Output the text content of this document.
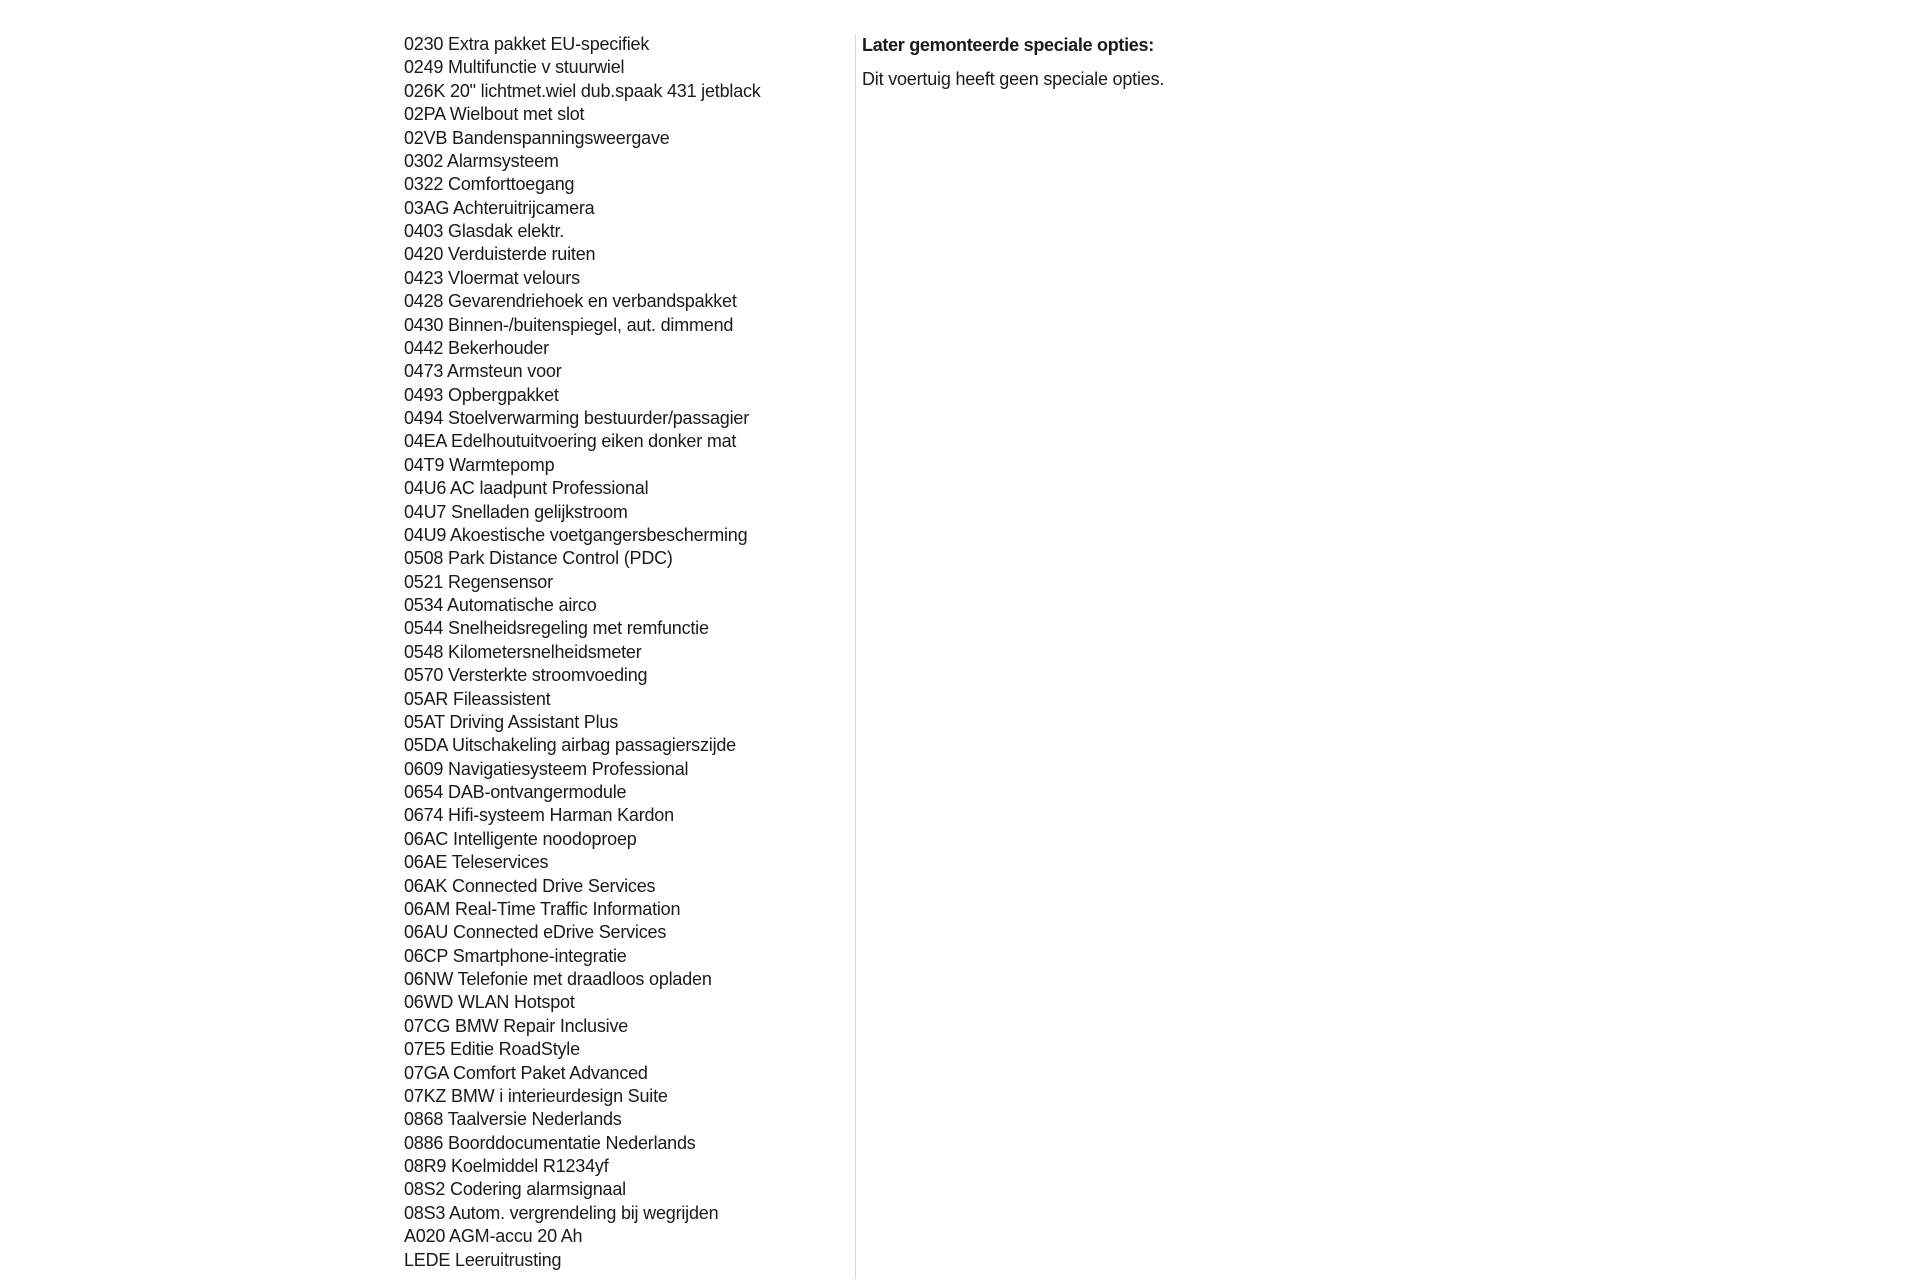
0230 Extra pakket EU-specifiek
0249 Multifunctie v stuurwiel
026K 20" lichtmet.wiel dub.spaak 431 jetblack
02PA Wielbout met slot
02VB Bandenspanningsweergave
0302 Alarmsysteem
0322 Comforttoegang
03AG Achteruitrijcamera
0403 Glasdak elektr.
0420 Verduisterde ruiten
0423 Vloermat velours
0428 Gevarendriehoek en verbandspakket
0430 Binnen-/buitenspiegel, aut. dimmend
0442 Bekerhouder
0473 Armsteun voor
0493 Opbergpakket
0494 Stoelverwarming bestuurder/passagier
04EA Edelhoutuitvoering eiken donker mat
04T9 Warmtepomp
04U6 AC laadpunt Professional
04U7 Snelladen gelijkstroom
04U9 Akoestische voetgangersbescherming
0508 Park Distance Control (PDC)
0521 Regensensor
0534 Automatische airco
0544 Snelheidsregeling met remfunctie
0548 Kilometersnelheidsmeter
0570 Versterkte stroomvoeding
05AR Fileassistent
05AT Driving Assistant Plus
05DA Uitschakeling airbag passagierszijde
0609 Navigatiesysteem Professional
0654 DAB-ontvangermodule
0674 Hifi-systeem Harman Kardon
06AC Intelligente noodoproep
06AE Teleservices
06AK Connected Drive Services
06AM Real-Time Traffic Information
06AU Connected eDrive Services
06CP Smartphone-integratie
06NW Telefonie met draadloos opladen
06WD WLAN Hotspot
07CG BMW Repair Inclusive
07E5 Editie RoadStyle
07GA Comfort Paket Advanced
07KZ BMW i interieurdesign Suite
0868 Taalversie Nederlands
0886 Boorddocumentatie Nederlands
08R9 Koelmiddel R1234yf
08S2 Codering alarmsignaal
08S3 Autom. vergrendeling bij wegrijden
A020 AGM-accu 20 Ah
LEDE Leeruitrusting

Later gemonteerde speciale opties:

Dit voertuig heeft geen speciale opties.
